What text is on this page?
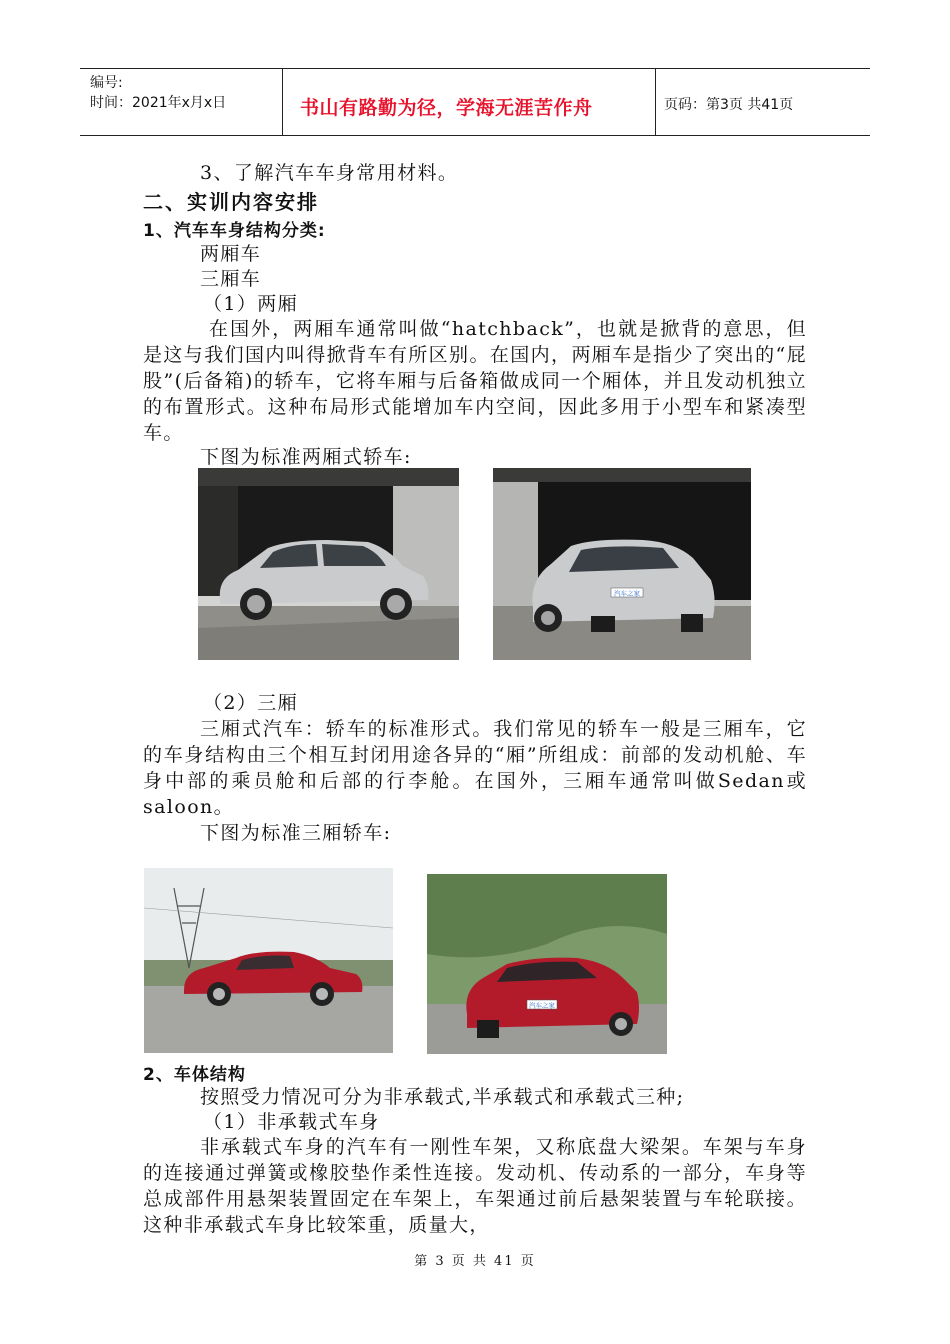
编号:
时间：2021年x月x日	书山有路勤为径，学海无涯苦作舟	页码：第3页 共41页
3、了解汽车车身常用材料。
二、实训内容安排
1、汽车车身结构分类:
两厢车
三厢车
（1）两厢
在国外，两厢车通常叫做“hatchback”，也就是掀背的意思，但是这与我们国内叫得掀背车有所区别。在国内，两厢车是指少了突出的“屁股”(后备箱)的轿车，它将车厢与后备箱做成同一个厢体，并且发动机独立的布置形式。这种布局形式能增加车内空间，因此多用于小型车和紧凑型车。
下图为标准两厢式轿车:
汽车之家
（2）三厢
三厢式汽车：轿车的标准形式。我们常见的轿车一般是三厢车，它的车身结构由三个相互封闭用途各异的“厢”所组成：前部的发动机舱、车身中部的乘员舱和后部的行李舱。在国外，三厢车通常叫做Sedan或saloon。
下图为标准三厢轿车:
汽车之家
2、车体结构
按照受力情况可分为非承载式,半承载式和承载式三种;
（1）非承载式车身
非承载式车身的汽车有一刚性车架，又称底盘大梁架。车架与车身的连接通过弹簧或橡胶垫作柔性连接。发动机、传动系的一部分，车身等总成部件用悬架装置固定在车架上，车架通过前后悬架装置与车轮联接。这种非承载式车身比较笨重，质量大，
第 3 页 共 41 页
